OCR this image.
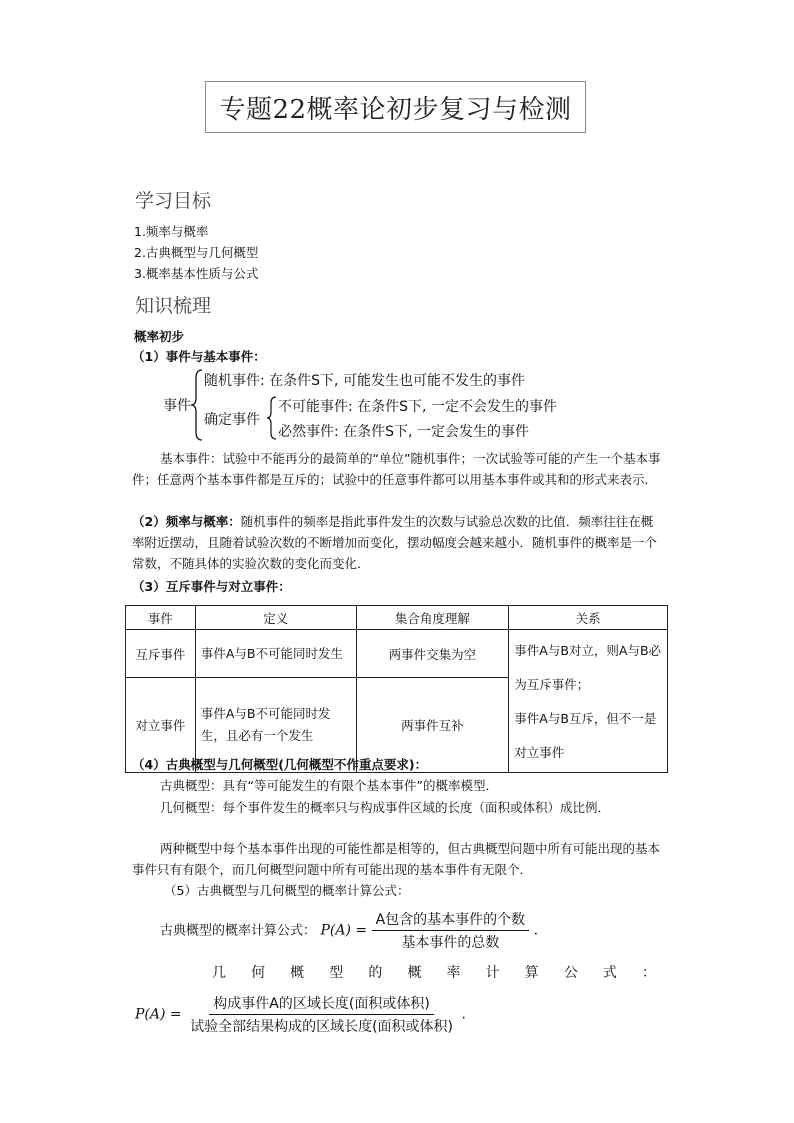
专题22概率论初步复习与检测
学习目标
1.频率与概率
2.古典概型与几何概型
3.概率基本性质与公式
知识梳理
概率初步
（1）事件与基本事件：
事件
随机事件: 在条件S下, 可能发生也可能不发生的事件
确定事件
不可能事件: 在条件S下, 一定不会发生的事件
必然事件: 在条件S下, 一定会发生的事件
基本事件：试验中不能再分的最简单的“单位”随机事件；一次试验等可能的产生一个基本事件；任意两个基本事件都是互斥的；试验中的任意事件都可以用基本事件或其和的形式来表示．
（2）频率与概率：随机事件的频率是指此事件发生的次数与试验总次数的比值．频率往往在概率附近摆动，且随着试验次数的不断增加而变化，摆动幅度会越来越小．随机事件的概率是一个常数，不随具体的实验次数的变化而变化．
（3）互斥事件与对立事件：
事件	定义	集合角度理解	关系
互斥事件	事件A与B不可能同时发生	两事件交集为空	事件A与B对立，则A与B必为互斥事件；
事件A与B互斥，但不一是对立事件

对立事件	事件A与B不可能同时发生，且必有一个发生	两事件互补	
（4）古典概型与几何概型(几何概型不作重点要求)：
古典概型：具有“等可能发生的有限个基本事件”的概率模型．
几何概型：每个事件发生的概率只与构成事件区域的长度（面积或体积）成比例．
两种概型中每个基本事件出现的可能性都是相等的，但古典概型问题中所有可能出现的基本事件只有有限个，而几何概型问题中所有可能出现的基本事件有无限个．
（5）古典概型与几何概型的概率计算公式：
古典概型的概率计算公式： $P(A) = \frac{\text{A包含的基本事件的个数}}{\text{基本事件的总数}}$ .
几何概型的概率计算公式：
$P(A) = \frac{\text{构成事件A的区域长度(面积或体积)}}{\text{试验全部结果构成的区域长度(面积或体积)}}$ .
